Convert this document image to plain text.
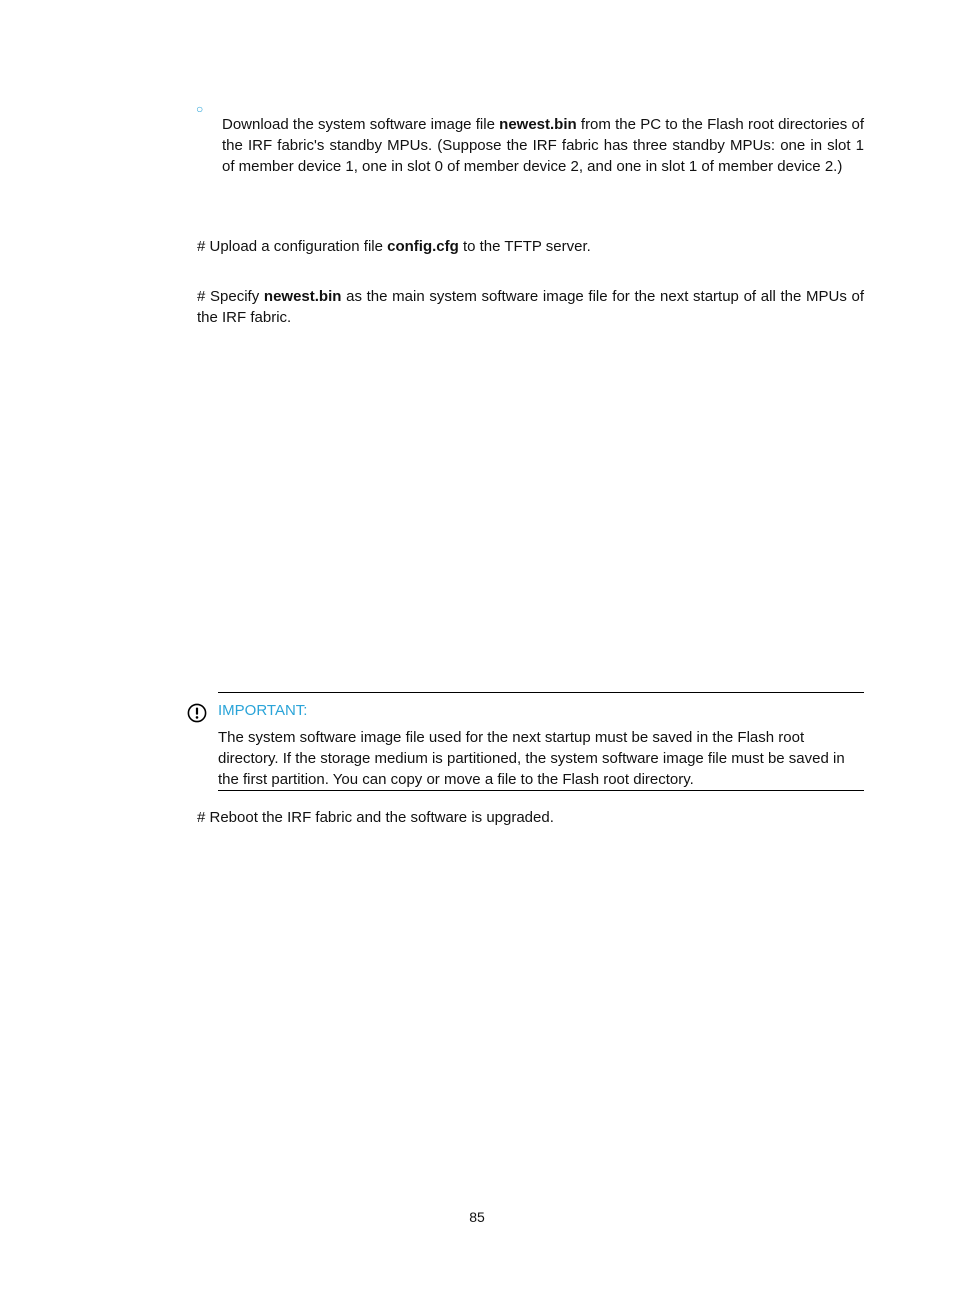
○

Download the system software image file newest.bin from the PC to the Flash root directories of the IRF fabric's standby MPUs. (Suppose the IRF fabric has three standby MPUs: one in slot 1 of member device 1, one in slot 0 of member device 2, and one in slot 1 of member device 2.)

# Upload a configuration file config.cfg to the TFTP server.

# Specify newest.bin as the main system software image file for the next startup of all the MPUs of the IRF fabric.

IMPORTANT:

The system software image file used for the next startup must be saved in the Flash root directory. If the storage medium is partitioned, the system software image file must be saved in the first partition. You can copy or move a file to the Flash root directory.

# Reboot the IRF fabric and the software is upgraded.

85
